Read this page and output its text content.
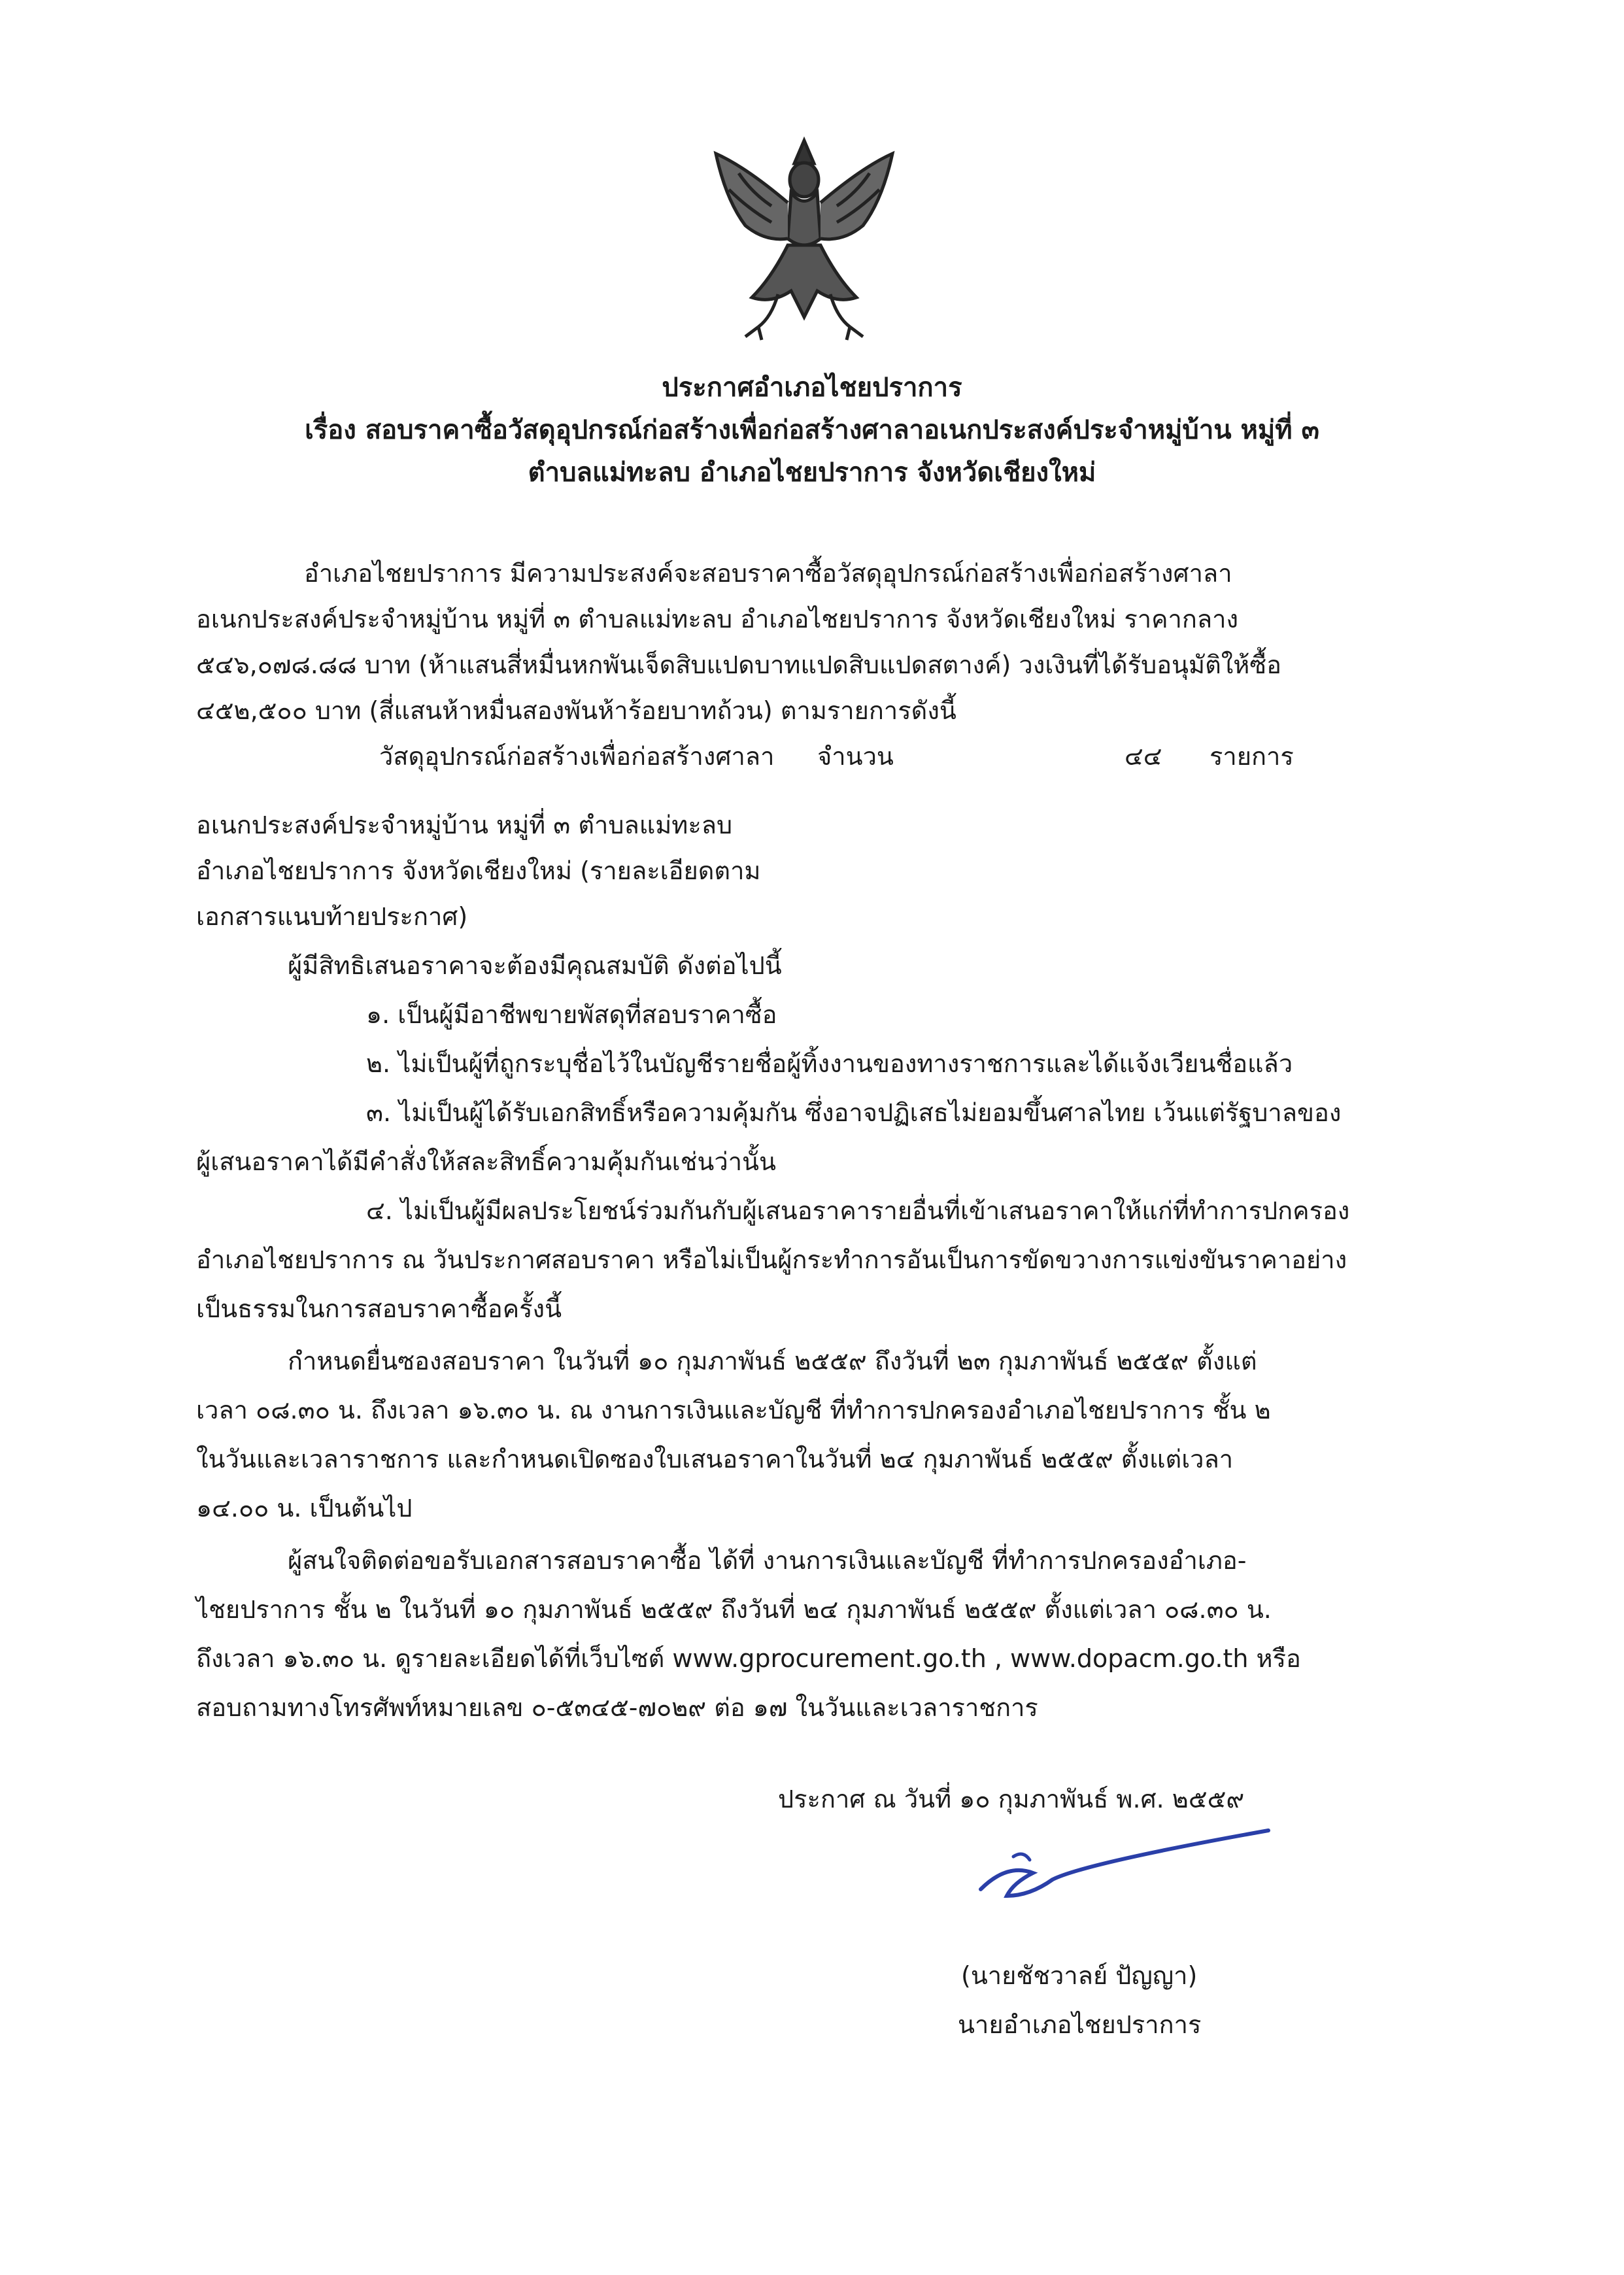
ประกาศอำเภอไชยปราการ
เรื่อง สอบราคาซื้อวัสดุอุปกรณ์ก่อสร้างเพื่อก่อสร้างศาลาอเนกประสงค์ประจำหมู่บ้าน หมู่ที่ ๓
ตำบลแม่ทะลบ อำเภอไชยปราการ จังหวัดเชียงใหม่
อำเภอไชยปราการ มีความประสงค์จะสอบราคาซื้อวัสดุอุปกรณ์ก่อสร้างเพื่อก่อสร้างศาลา
อเนกประสงค์ประจำหมู่บ้าน หมู่ที่ ๓ ตำบลแม่ทะลบ อำเภอไชยปราการ จังหวัดเชียงใหม่ ราคากลาง
๕๔๖,๐๗๘.๘๘ บาท (ห้าแสนสี่หมื่นหกพันเจ็ดสิบแปดบาทแปดสิบแปดสตางค์) วงเงินที่ได้รับอนุมัติให้ซื้อ
๔๕๒,๕๐๐ บาท (สี่แสนห้าหมื่นสองพันห้าร้อยบาทถ้วน) ตามรายการดังนี้
วัสดุอุปกรณ์ก่อสร้างเพื่อก่อสร้างศาลา จำนวน	๔๔ รายการ
อเนกประสงค์ประจำหมู่บ้าน หมู่ที่ ๓ ตำบลแม่ทะลบ
อำเภอไชยปราการ จังหวัดเชียงใหม่ (รายละเอียดตาม
เอกสารแนบท้ายประกาศ)
ผู้มีสิทธิเสนอราคาจะต้องมีคุณสมบัติ ดังต่อไปนี้
๑. เป็นผู้มีอาชีพขายพัสดุที่สอบราคาซื้อ
๒. ไม่เป็นผู้ที่ถูกระบุชื่อไว้ในบัญชีรายชื่อผู้ทิ้งงานของทางราชการและได้แจ้งเวียนชื่อแล้ว
๓. ไม่เป็นผู้ได้รับเอกสิทธิ์หรือความคุ้มกัน ซึ่งอาจปฏิเสธไม่ยอมขึ้นศาลไทย เว้นแต่รัฐบาลของ
ผู้เสนอราคาได้มีคำสั่งให้สละสิทธิ์ความคุ้มกันเช่นว่านั้น
๔. ไม่เป็นผู้มีผลประโยชน์ร่วมกันกับผู้เสนอราคารายอื่นที่เข้าเสนอราคาให้แก่ที่ทำการปกครอง
อำเภอไชยปราการ ณ วันประกาศสอบราคา หรือไม่เป็นผู้กระทำการอันเป็นการขัดขวางการแข่งขันราคาอย่าง
เป็นธรรมในการสอบราคาซื้อครั้งนี้
กำหนดยื่นซองสอบราคา ในวันที่ ๑๐ กุมภาพันธ์ ๒๕๕๙ ถึงวันที่ ๒๓ กุมภาพันธ์ ๒๕๕๙ ตั้งแต่
เวลา ๐๘.๓๐ น. ถึงเวลา ๑๖.๓๐ น. ณ งานการเงินและบัญชี ที่ทำการปกครองอำเภอไชยปราการ ชั้น ๒
ในวันและเวลาราชการ และกำหนดเปิดซองใบเสนอราคาในวันที่ ๒๔ กุมภาพันธ์ ๒๕๕๙ ตั้งแต่เวลา
๑๔.๐๐ น. เป็นต้นไป
ผู้สนใจติดต่อขอรับเอกสารสอบราคาซื้อ ได้ที่ งานการเงินและบัญชี ที่ทำการปกครองอำเภอ-
ไชยปราการ ชั้น ๒ ในวันที่ ๑๐ กุมภาพันธ์ ๒๕๕๙ ถึงวันที่ ๒๔ กุมภาพันธ์ ๒๕๕๙ ตั้งแต่เวลา ๐๘.๓๐ น.
ถึงเวลา ๑๖.๓๐ น. ดูรายละเอียดได้ที่เว็บไซต์ www.gprocurement.go.th , www.dopacm.go.th หรือ
สอบถามทางโทรศัพท์หมายเลข ๐-๕๓๔๕-๗๐๒๙ ต่อ ๑๗ ในวันและเวลาราชการ
ประกาศ ณ วันที่ ๑๐ กุมภาพันธ์ พ.ศ. ๒๕๕๙
(นายชัชวาลย์ ปัญญา)
นายอำเภอไชยปราการ
